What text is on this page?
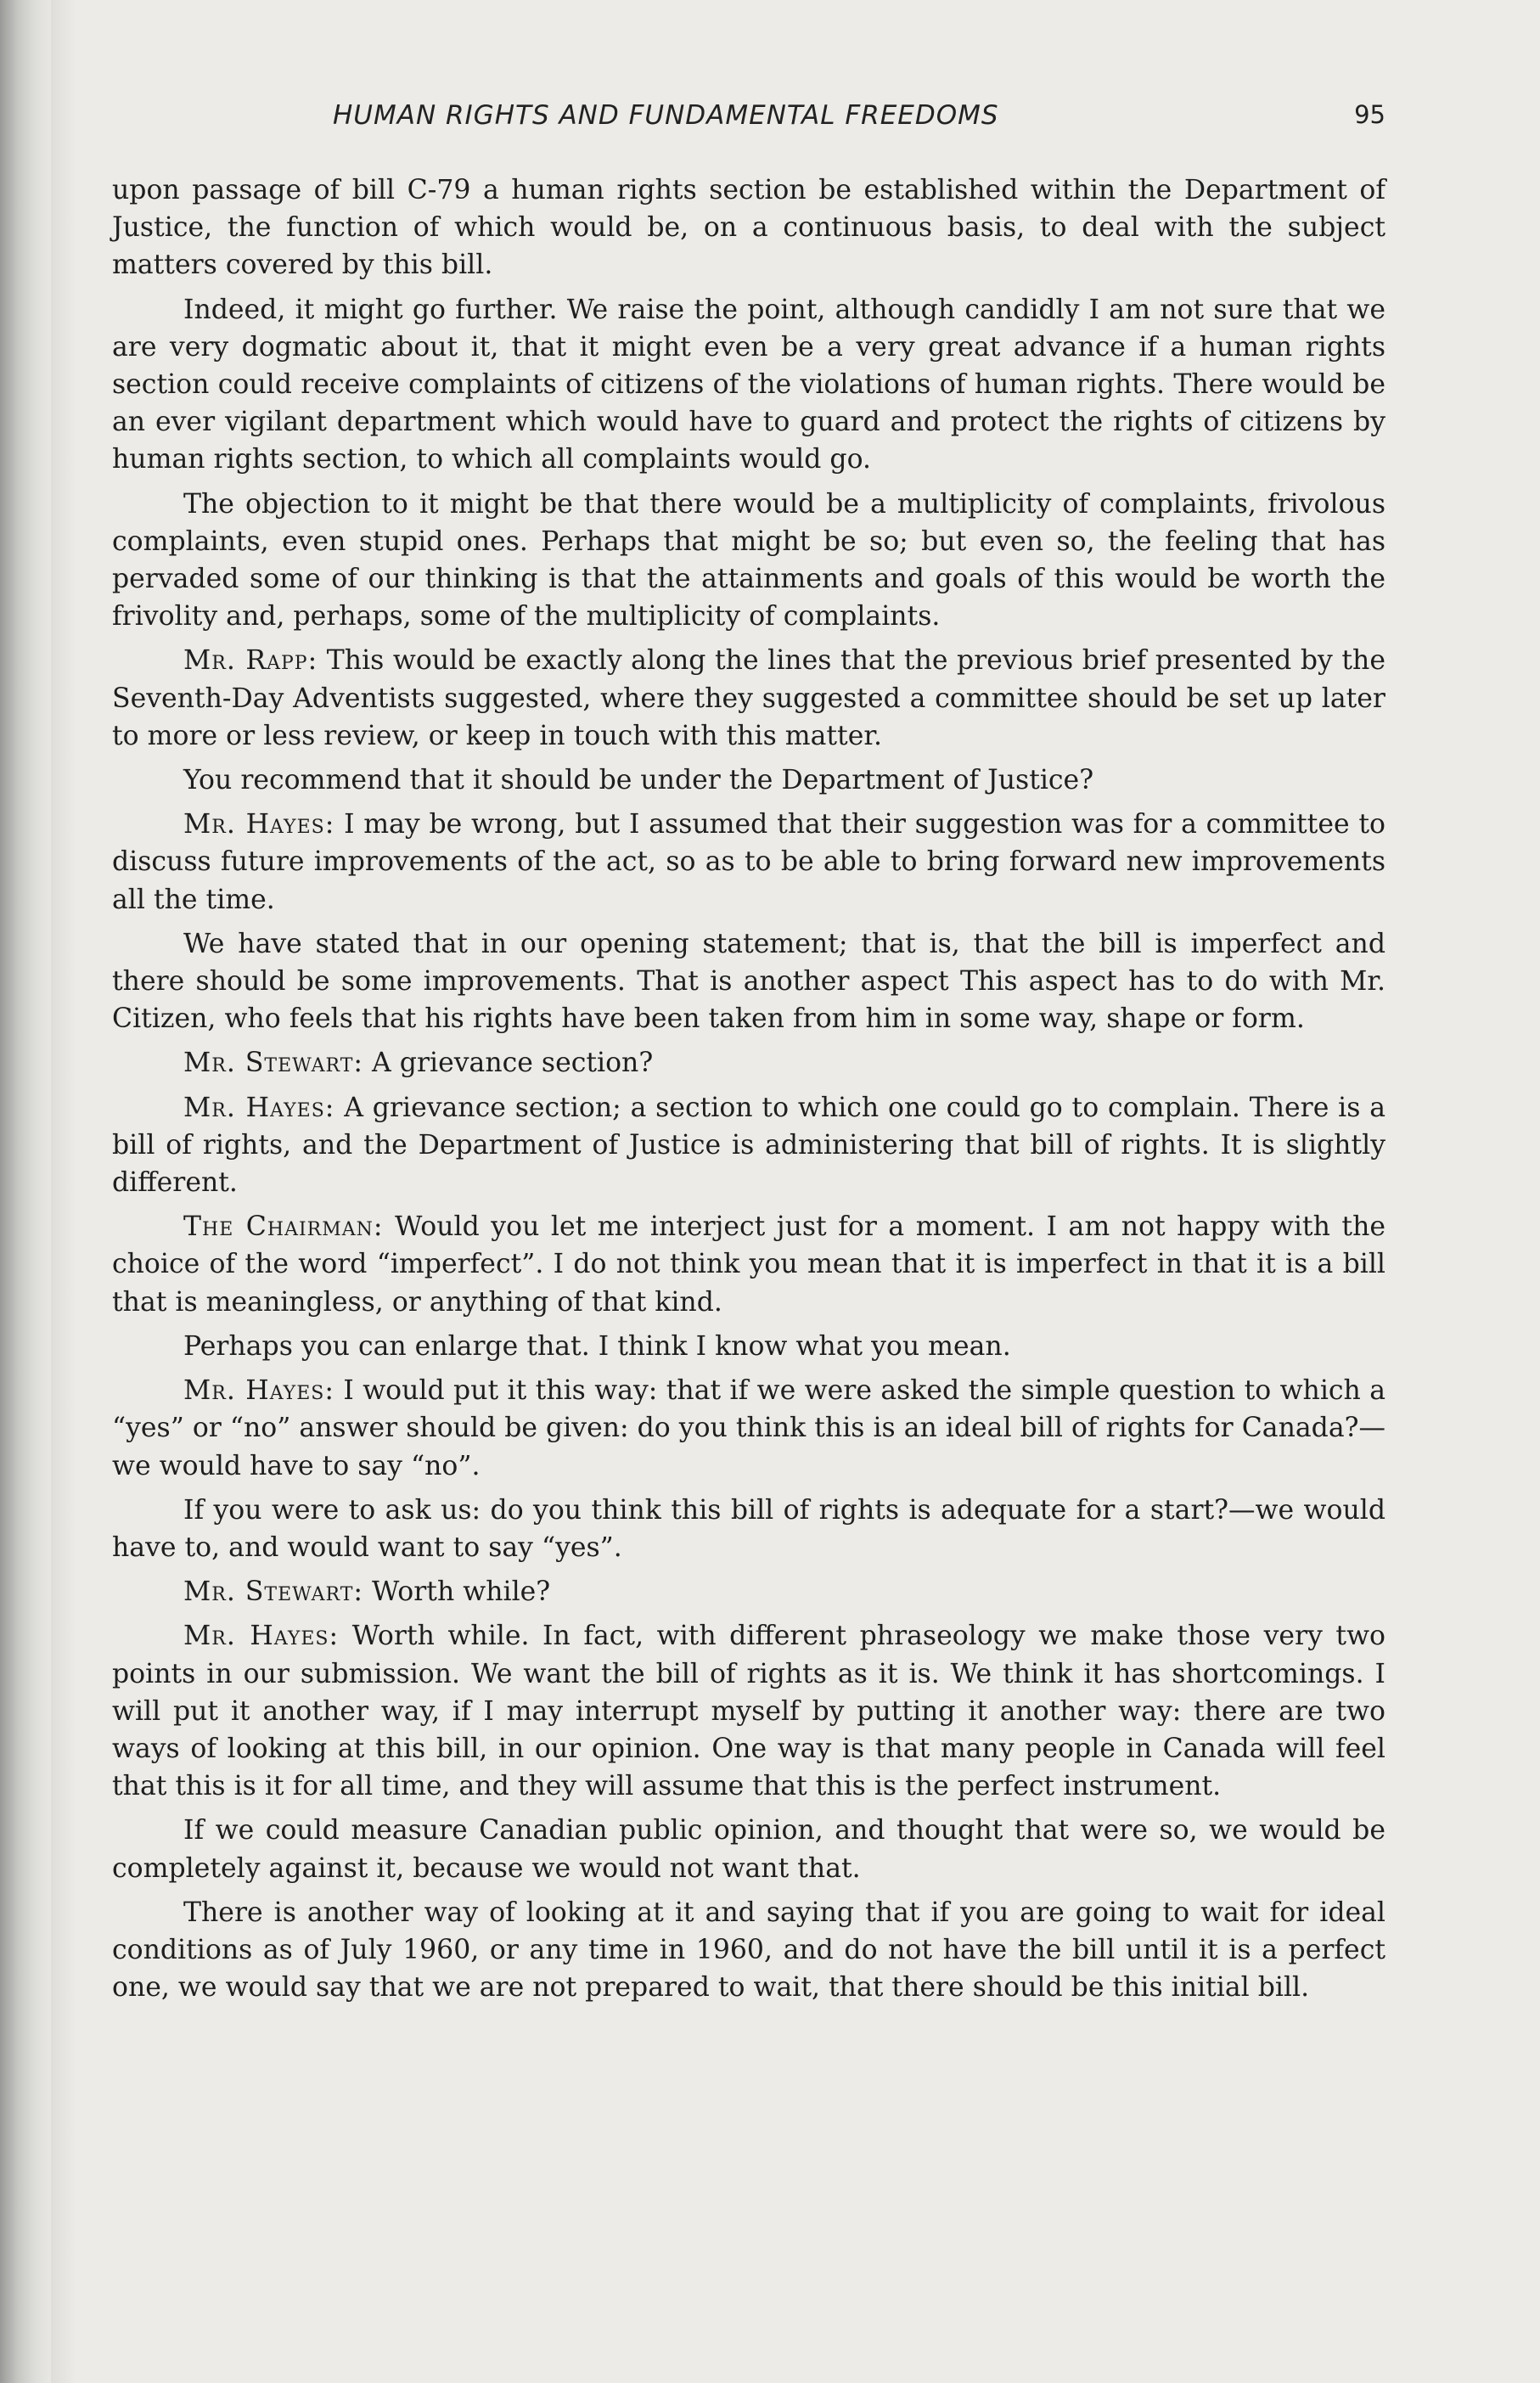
HUMAN RIGHTS AND FUNDAMENTAL FREEDOMS	95

upon passage of bill C-79 a human rights section be established within the Department of Justice, the function of which would be, on a continuous basis, to deal with the subject matters covered by this bill.

Indeed, it might go further. We raise the point, although candidly I am not sure that we are very dogmatic about it, that it might even be a very great advance if a human rights section could receive complaints of citizens of the violations of human rights. There would be an ever vigilant department which would have to guard and protect the rights of citizens by human rights section, to which all complaints would go.

The objection to it might be that there would be a multiplicity of complaints, frivolous complaints, even stupid ones. Perhaps that might be so; but even so, the feeling that has pervaded some of our thinking is that the attainments and goals of this would be worth the frivolity and, perhaps, some of the multiplicity of complaints.

Mr. Rapp: This would be exactly along the lines that the previous brief presented by the Seventh-Day Adventists suggested, where they suggested a committee should be set up later to more or less review, or keep in touch with this matter.

You recommend that it should be under the Department of Justice?

Mr. Hayes: I may be wrong, but I assumed that their suggestion was for a committee to discuss future improvements of the act, so as to be able to bring forward new improvements all the time.

We have stated that in our opening statement; that is, that the bill is imperfect and there should be some improvements. That is another aspect This aspect has to do with Mr. Citizen, who feels that his rights have been taken from him in some way, shape or form.

Mr. Stewart: A grievance section?

Mr. Hayes: A grievance section; a section to which one could go to complain. There is a bill of rights, and the Department of Justice is administering that bill of rights. It is slightly different.

The Chairman: Would you let me interject just for a moment. I am not happy with the choice of the word “imperfect”. I do not think you mean that it is imperfect in that it is a bill that is meaningless, or anything of that kind.

Perhaps you can enlarge that. I think I know what you mean.

Mr. Hayes: I would put it this way: that if we were asked the simple question to which a “yes” or “no” answer should be given: do you think this is an ideal bill of rights for Canada?—we would have to say “no”.

If you were to ask us: do you think this bill of rights is adequate for a start?—we would have to, and would want to say “yes”.

Mr. Stewart: Worth while?

Mr. Hayes: Worth while. In fact, with different phraseology we make those very two points in our submission. We want the bill of rights as it is. We think it has shortcomings. I will put it another way, if I may interrupt myself by putting it another way: there are two ways of looking at this bill, in our opinion. One way is that many people in Canada will feel that this is it for all time, and they will assume that this is the perfect instrument.

If we could measure Canadian public opinion, and thought that were so, we would be completely against it, because we would not want that.

There is another way of looking at it and saying that if you are going to wait for ideal conditions as of July 1960, or any time in 1960, and do not have the bill until it is a perfect one, we would say that we are not prepared to wait, that there should be this initial bill.
